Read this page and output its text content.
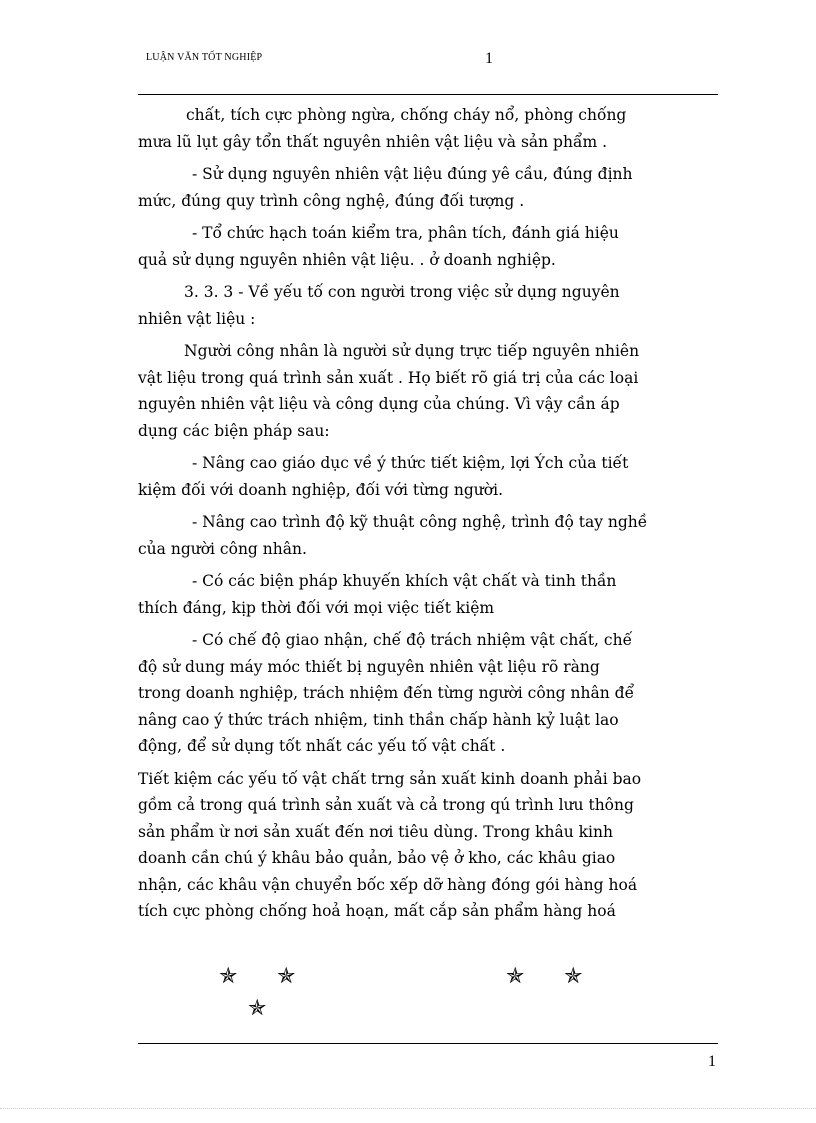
LUẬN VĂN TỐT NGHIỆP	1

chất, tích cực phòng ngừa, chống cháy nổ, phòng chống
mưa lũ lụt gây tổn thất nguyên nhiên vật liệu và sản phẩm .

- Sử dụng nguyên nhiên vật liệu đúng yê cầu, đúng định
mức, đúng quy trình công nghệ, đúng đối tượng .

- Tổ chức hạch toán kiểm tra, phân tích, đánh giá hiệu
quả sử dụng nguyên nhiên vật liệu. . ở doanh nghiệp.

3. 3. 3 - Về yếu tố con người trong việc sử dụng nguyên
nhiên vật liệu :

Người công nhân là người sử dụng trực tiếp nguyên nhiên
vật liệu trong quá trình sản xuất . Họ biết rõ giá trị của các loại
nguyên nhiên vật liệu và công dụng của chúng. Vì vậy cần áp
dụng các biện pháp sau:

- Nâng cao giáo dục về ý thức tiết kiệm, lợi Ých của tiết
kiệm đối với doanh nghiệp, đối với từng người.

- Nâng cao trình độ kỹ thuật công nghệ, trình độ tay nghề
của người công nhân.

- Có các biện pháp khuyến khích vật chất và tinh thần
thích đáng, kịp thời đối với mọi việc tiết kiệm

- Có chế độ giao nhận, chế độ trách nhiệm vật chất, chế
độ sử dung máy móc thiết bị nguyên nhiên vật liệu rõ ràng
trong doanh nghiệp, trách nhiệm đến từng người công nhân để
nâng cao ý thức trách nhiệm, tinh thần chấp hành kỷ luật lao
động, để sử dụng tốt nhất các yếu tố vật chất .

Tiết kiệm các yếu tố vật chất trng sản xuất kinh doanh phải bao
gồm cả trong quá trình sản xuất và cả trong qú trình lưu thông
sản phẩm ừ nơi sản xuất đến nơi tiêu dùng. Trong khâu kinh
doanh cần chú ý khâu bảo quản, bảo vệ ở kho, các khâu giao
nhận, các khâu vận chuyển bốc xếp dỡ hàng đóng gói hàng hoá
tích cực phòng chống hoả hoạn, mất cắp sản phẩm hàng hoá

✯ ✯
✯
✯ ✯
1
